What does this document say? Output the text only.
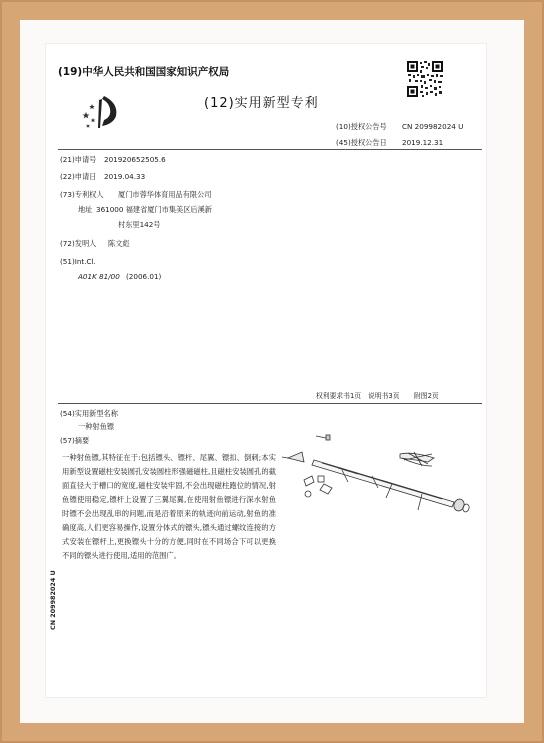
(19)中华人民共和国国家知识产权局
(12)实用新型专利
(10)授权公告号 CN 209982024 U
(45)授权公告日 2019.12.31
(21)申请号 201920652505.6
(22)申请日 2019.04.33
(73)专利权人 厦门市蓉华体育用品有限公司
地址 361000 福建省厦门市集美区后溪新
村东里142号
(72)发明人 陈文彪
(51)Int.Cl.
A01K 81/00 (2006.01)
权利要求书1页 说明书3页 附图2页
(54)实用新型名称
一种射鱼镖
(57)摘要
一种射鱼镖,其特征在于:包括镖头、镖杆、尾翼、镖扣、倒刺;本实用新型设置磁柱安装圆孔安装圆柱形强磁磁柱,且磁柱安装圆孔的截面直径大于槽口的宽度,磁柱安装牢固,不会出现磁柱跑位的情况,射鱼镖使用稳定,镖杆上设置了三翼尾翼,在使用射鱼镖进行深水射鱼时镖不会出现乱串的问题,而是沿着原来的轨迹向前运动,射鱼的准确度高,人们更容易操作,设置分体式的镖头,镖头通过螺纹连接的方式安装在镖杆上,更换镖头十分的方便,同时在不同场合下可以更换不同的镖头进行使用,适用的范围广。
CN 209982024 U
